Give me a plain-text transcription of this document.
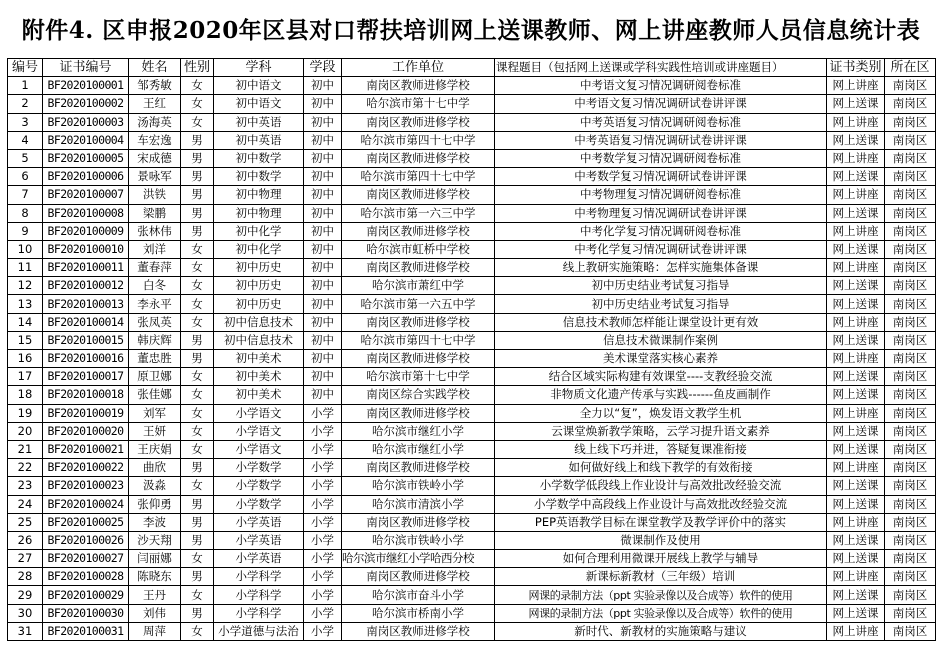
附件4. 区申报2020年区县对口帮扶培训网上送课教师、网上讲座教师人员信息统计表
编号	证书编号	姓名	性别	学科	学段	工作单位	课程题目（包括网上送课或学科实践性培训或讲座题目）	证书类别	所在区
1	BF2020100001	邹秀敏	女	初中语文	初中	南岗区教师进修学校	中考语文复习情况调研阅卷标准	网上讲座	南岗区
2	BF2020100002	王红	女	初中语文	初中	哈尔滨市第十七中学	中考语文复习情况调研试卷讲评课	网上送课	南岗区
3	BF2020100003	汤海英	女	初中英语	初中	南岗区教师进修学校	中考英语复习情况调研阅卷标准	网上讲座	南岗区
4	BF2020100004	车宏逸	男	初中英语	初中	哈尔滨市第四十七中学	中考英语复习情况调研试卷讲评课	网上送课	南岗区
5	BF2020100005	宋成德	男	初中数学	初中	南岗区教师进修学校	中考数学复习情况调研阅卷标准	网上讲座	南岗区
6	BF2020100006	景咏军	男	初中数学	初中	哈尔滨市第四十七中学	中考数学复习情况调研试卷讲评课	网上送课	南岗区
7	BF2020100007	洪铁	男	初中物理	初中	南岗区教师进修学校	中考物理复习情况调研阅卷标准	网上讲座	南岗区
8	BF2020100008	梁鹏	男	初中物理	初中	哈尔滨市第一六三中学	中考物理复习情况调研试卷讲评课	网上送课	南岗区
9	BF2020100009	张林伟	男	初中化学	初中	南岗区教师进修学校	中考化学复习情况调研阅卷标准	网上讲座	南岗区
10	BF2020100010	刘洋	女	初中化学	初中	哈尔滨市虹桥中学校	中考化学复习情况调研试卷讲评课	网上送课	南岗区
11	BF2020100011	董春萍	女	初中历史	初中	南岗区教师进修学校	线上教研实施策略：怎样实施集体备课	网上讲座	南岗区
12	BF2020100012	白冬	女	初中历史	初中	哈尔滨市萧红中学	初中历史结业考试复习指导	网上送课	南岗区
13	BF2020100013	李永平	女	初中历史	初中	哈尔滨市第一六五中学	初中历史结业考试复习指导	网上送课	南岗区
14	BF2020100014	张凤英	女	初中信息技术	初中	南岗区教师进修学校	信息技术教师怎样能让课堂设计更有效	网上讲座	南岗区
15	BF2020100015	韩庆辉	男	初中信息技术	初中	哈尔滨市第四十七中学	信息技术微课制作案例	网上送课	南岗区
16	BF2020100016	董忠胜	男	初中美术	初中	南岗区教师进修学校	美术课堂落实核心素养	网上讲座	南岗区
17	BF2020100017	原卫娜	女	初中美术	初中	哈尔滨市第十七中学	结合区域实际构建有效课堂----支教经验交流	网上送课	南岗区
18	BF2020100018	张佳娜	女	初中美术	初中	南岗区综合实践学校	非物质文化遗产传承与实践------鱼皮画制作	网上送课	南岗区
19	BF2020100019	刘军	女	小学语文	小学	南岗区教师进修学校	全力以“复”，焕发语文教学生机	网上讲座	南岗区
20	BF2020100020	王妍	女	小学语文	小学	哈尔滨市继红小学	云课堂焕新教学策略，云学习提升语文素养	网上送课	南岗区
21	BF2020100021	王庆娟	女	小学语文	小学	哈尔滨市继红小学	线上线下巧并进，答疑复课准衔接	网上送课	南岗区
22	BF2020100022	曲欣	男	小学数学	小学	南岗区教师进修学校	如何做好线上和线下教学的有效衔接	网上讲座	南岗区
23	BF2020100023	汲淼	女	小学数学	小学	哈尔滨市铁岭小学	小学数学低段线上作业设计与高效批改经验交流	网上送课	南岗区
24	BF2020100024	张仰勇	男	小学数学	小学	哈尔滨市清滨小学	小学数学中高段线上作业设计与高效批改经验交流	网上送课	南岗区
25	BF2020100025	李波	男	小学英语	小学	南岗区教师进修学校	PEP英语教学目标在课堂教学及教学评价中的落实	网上讲座	南岗区
26	BF2020100026	沙天翔	男	小学英语	小学	哈尔滨市铁岭小学	微课制作及使用	网上送课	南岗区
27	BF2020100027	闫丽娜	女	小学英语	小学	哈尔滨市继红小学哈西分校	如何合理利用微课开展线上教学与辅导	网上送课	南岗区
28	BF2020100028	陈晓东	男	小学科学	小学	南岗区教师进修学校	新课标新教材（三年级）培训	网上讲座	南岗区
29	BF2020100029	王丹	女	小学科学	小学	哈尔滨市奋斗小学	网课的录制方法（ppt 实验录像以及合成等）软件的使用	网上送课	南岗区
30	BF2020100030	刘伟	男	小学科学	小学	哈尔滨市桥南小学	网课的录制方法（ppt 实验录像以及合成等）软件的使用	网上送课	南岗区
31	BF2020100031	周萍	女	小学道德与法治	小学	南岗区教师进修学校	新时代、新教材的实施策略与建议	网上讲座	南岗区
